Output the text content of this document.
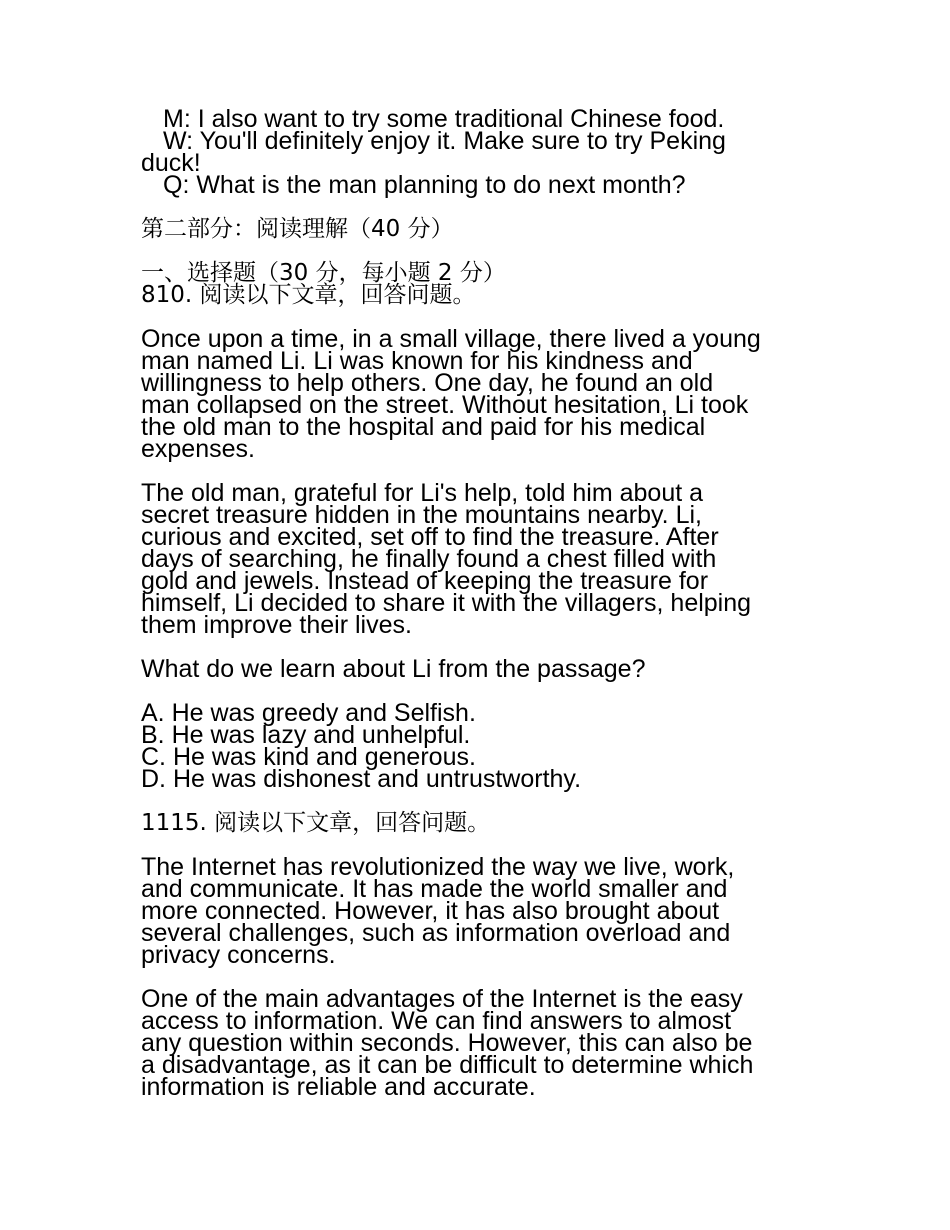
M: I also want to try some traditional Chinese food.
W: You'll definitely enjoy it. Make sure to try Peking
duck!
Q: What is the man planning to do next month?
第二部分：阅读理解（40 分）
一、选择题（30 分，每小题 2 分）
810. 阅读以下文章，回答问题。
Once upon a time, in a small village, there lived a young
man named Li. Li was known for his kindness and
willingness to help others. One day, he found an old
man collapsed on the street. Without hesitation, Li took
the old man to the hospital and paid for his medical
expenses.
The old man, grateful for Li's help, told him about a
secret treasure hidden in the mountains nearby. Li,
curious and excited, set off to find the treasure. After
days of searching, he finally found a chest filled with
gold and jewels. Instead of keeping the treasure for
himself, Li decided to share it with the villagers, helping
them improve their lives.
What do we learn about Li from the passage?
A. He was greedy and Selfish.
B. He was lazy and unhelpful.
C. He was kind and generous.
D. He was dishonest and untrustworthy.
1115. 阅读以下文章，回答问题。
The Internet has revolutionized the way we live, work,
and communicate. It has made the world smaller and
more connected. However, it has also brought about
several challenges, such as information overload and
privacy concerns.
One of the main advantages of the Internet is the easy
access to information. We can find answers to almost
any question within seconds. However, this can also be
a disadvantage, as it can be difficult to determine which
information is reliable and accurate.
